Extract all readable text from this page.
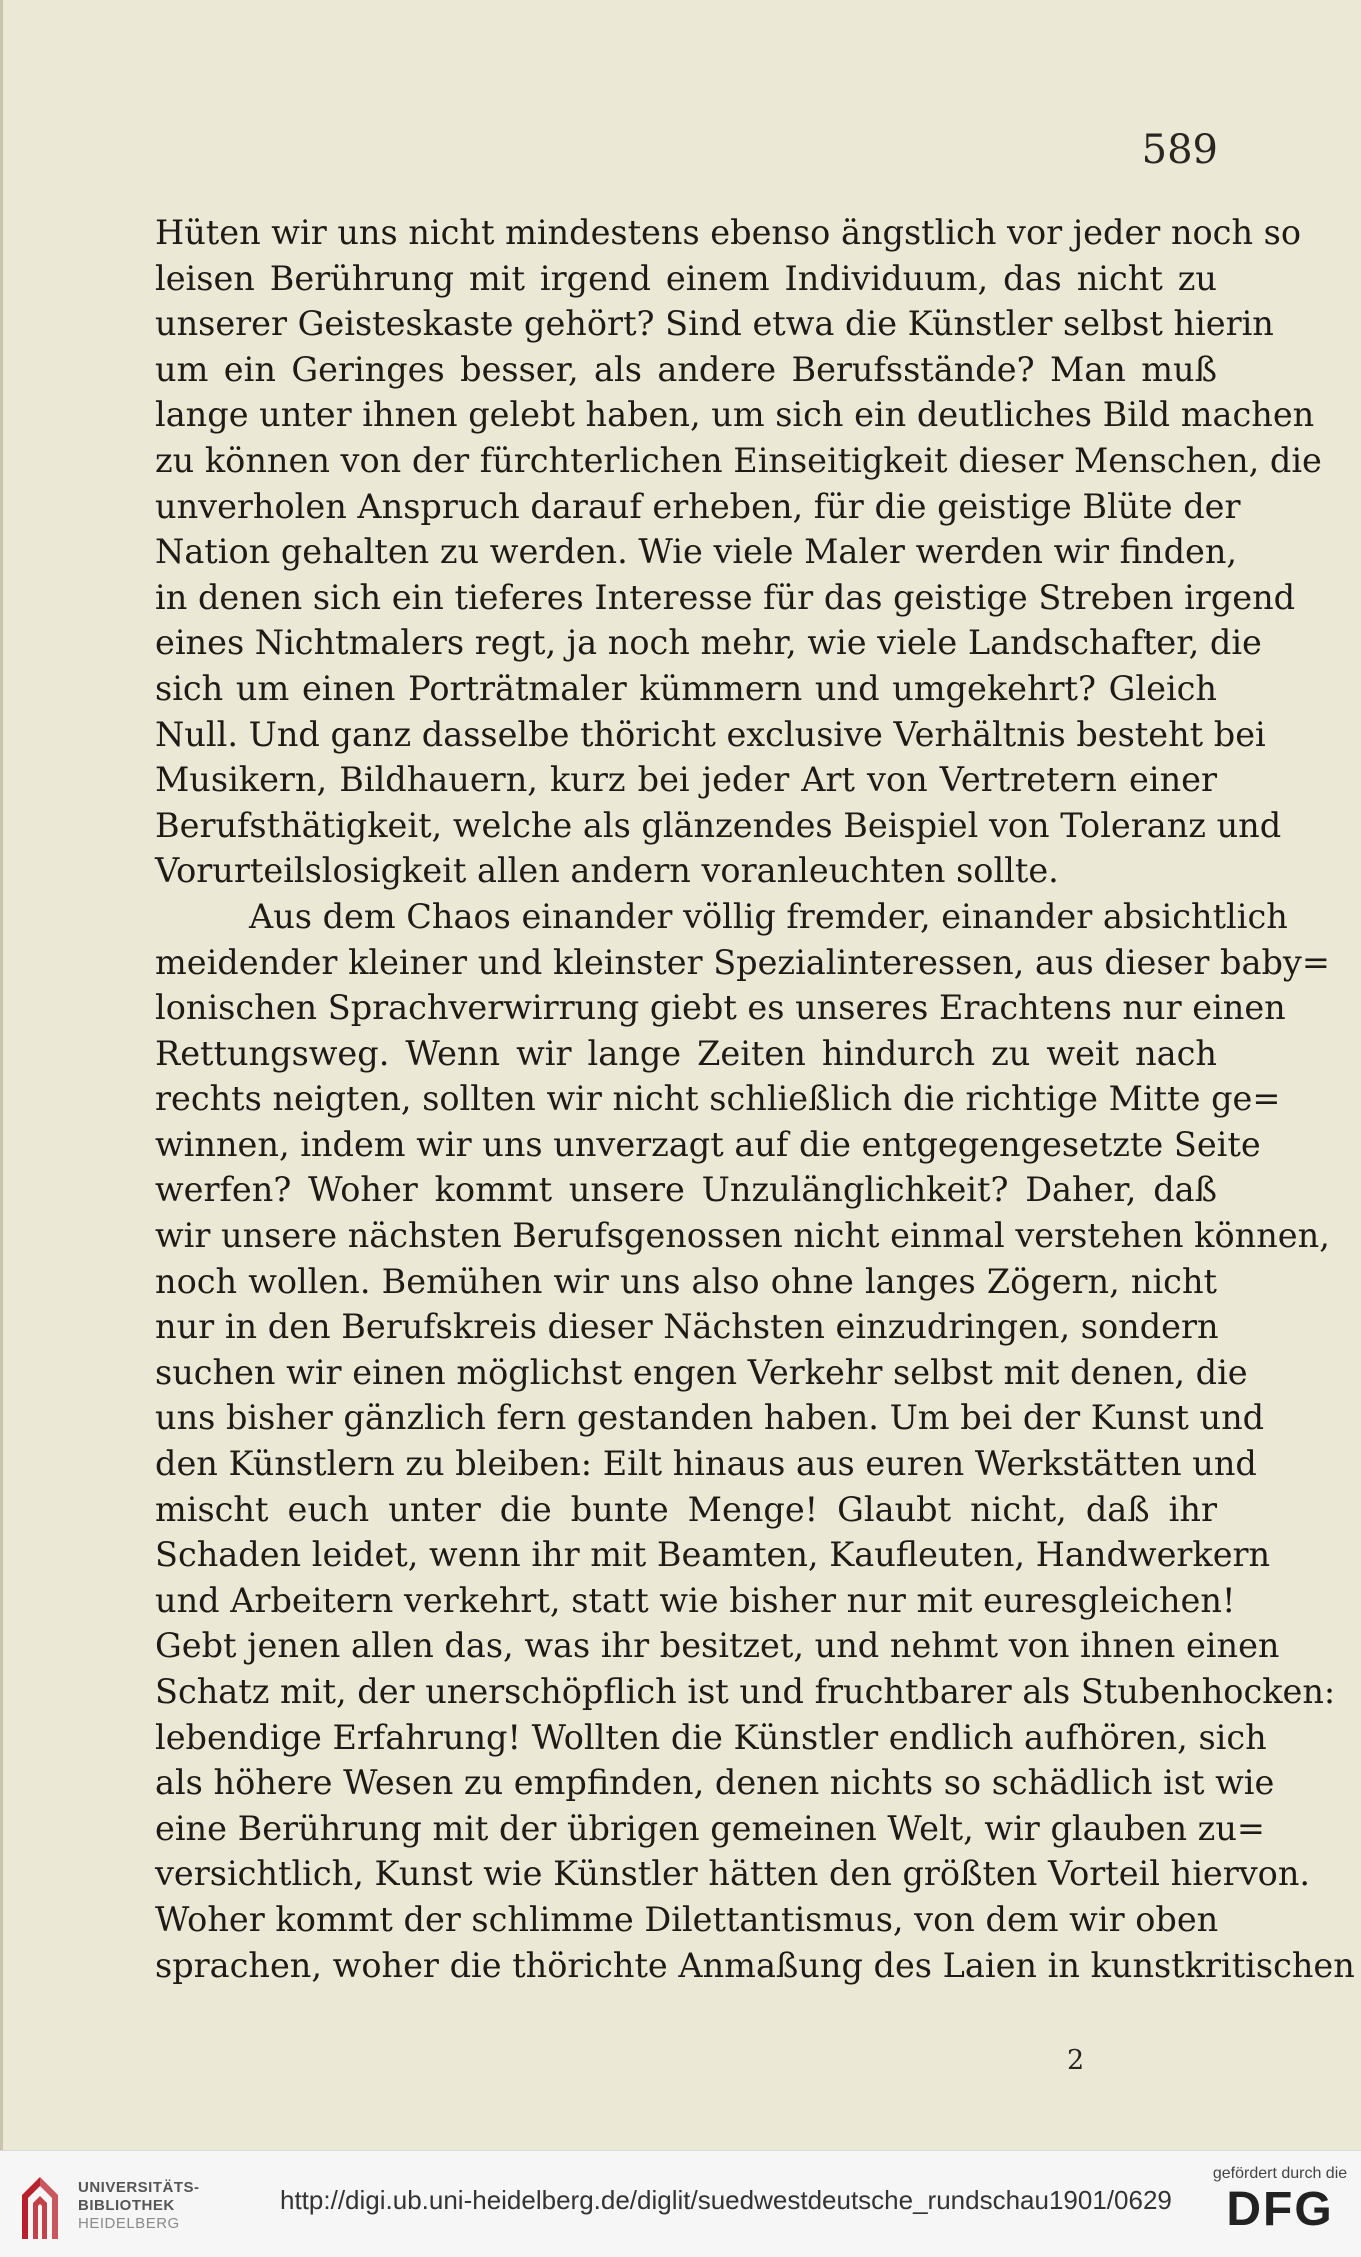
589
Hüten wir uns nicht mindestens ebenso ängstlich vor jeder noch so
leisen Berührung mit irgend einem Individuum, das nicht zu
unserer Geisteskaste gehört? Sind etwa die Künstler selbst hierin
um ein Geringes besser, als andere Berufsstände? Man muß
lange unter ihnen gelebt haben, um sich ein deutliches Bild machen
zu können von der fürchterlichen Einseitigkeit dieser Menschen, die
unverholen Anspruch darauf erheben, für die geistige Blüte der
Nation gehalten zu werden. Wie viele Maler werden wir finden,
in denen sich ein tieferes Interesse für das geistige Streben irgend
eines Nichtmalers regt, ja noch mehr, wie viele Landschafter, die
sich um einen Porträtmaler kümmern und umgekehrt? Gleich
Null. Und ganz dasselbe thöricht exclusive Verhältnis besteht bei
Musikern, Bildhauern, kurz bei jeder Art von Vertretern einer
Berufsthätigkeit, welche als glänzendes Beispiel von Toleranz und
Vorurteilslosigkeit allen andern voranleuchten sollte.
Aus dem Chaos einander völlig fremder, einander absichtlich
meidender kleiner und kleinster Spezialinteressen, aus dieser baby=
lonischen Sprachverwirrung giebt es unseres Erachtens nur einen
Rettungsweg. Wenn wir lange Zeiten hindurch zu weit nach
rechts neigten, sollten wir nicht schließlich die richtige Mitte ge=
winnen, indem wir uns unverzagt auf die entgegengesetzte Seite
werfen? Woher kommt unsere Unzulänglichkeit? Daher, daß
wir unsere nächsten Berufsgenossen nicht einmal verstehen können,
noch wollen. Bemühen wir uns also ohne langes Zögern, nicht
nur in den Berufskreis dieser Nächsten einzudringen, sondern
suchen wir einen möglichst engen Verkehr selbst mit denen, die
uns bisher gänzlich fern gestanden haben. Um bei der Kunst und
den Künstlern zu bleiben: Eilt hinaus aus euren Werkstätten und
mischt euch unter die bunte Menge! Glaubt nicht, daß ihr
Schaden leidet, wenn ihr mit Beamten, Kaufleuten, Handwerkern
und Arbeitern verkehrt, statt wie bisher nur mit euresgleichen!
Gebt jenen allen das, was ihr besitzet, und nehmt von ihnen einen
Schatz mit, der unerschöpflich ist und fruchtbarer als Stubenhocken:
lebendige Erfahrung! Wollten die Künstler endlich aufhören, sich
als höhere Wesen zu empfinden, denen nichts so schädlich ist wie
eine Berührung mit der übrigen gemeinen Welt, wir glauben zu=
versichtlich, Kunst wie Künstler hätten den größten Vorteil hiervon.
Woher kommt der schlimme Dilettantismus, von dem wir oben
sprachen, woher die thörichte Anmaßung des Laien in kunstkritischen
2
UNIVERSITÄTS-
BIBLIOTHEK
HEIDELBERG
http://digi.ub.uni-heidelberg.de/diglit/suedwestdeutsche_rundschau1901/0629
gefördert durch die
DFG
